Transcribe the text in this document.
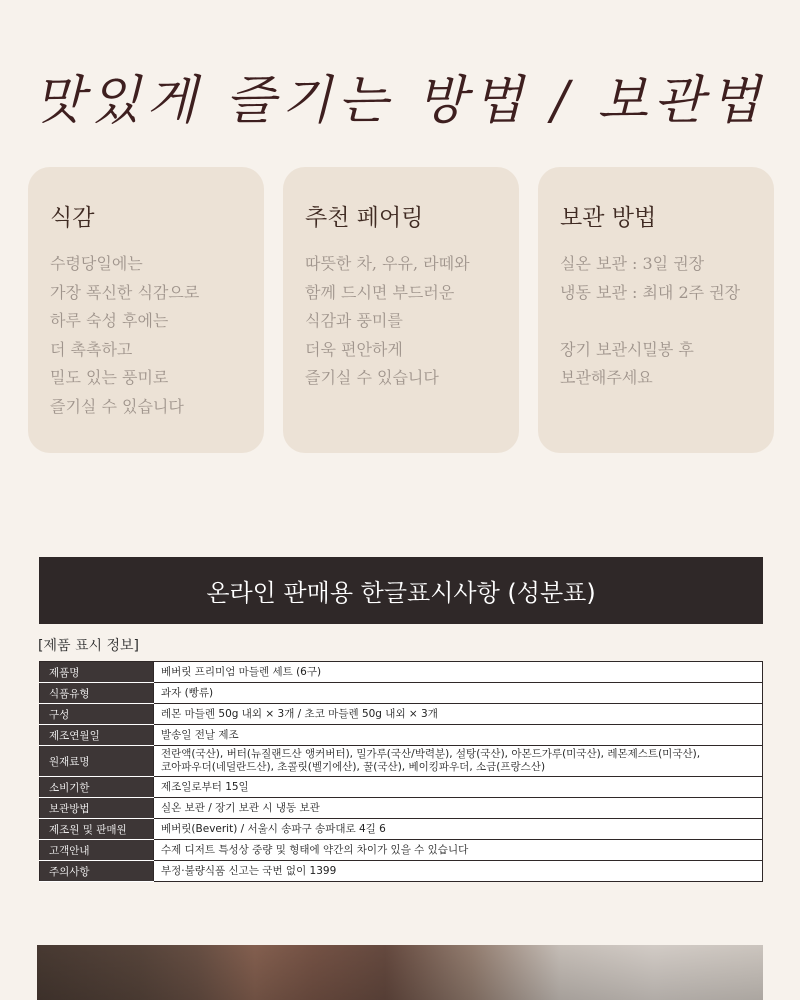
맛있게 즐기는 방법 / 보관법
식감
수령당일에는
가장 폭신한 식감으로
하루 숙성 후에는
더 촉촉하고
밀도 있는 풍미로
즐기실 수 있습니다
추천 페어링
따뜻한 차, 우유, 라떼와
함께 드시면 부드러운
식감과 풍미를
더욱 편안하게
즐기실 수 있습니다
보관 방법
실온 보관 : 3일 권장
냉동 보관 : 최대 2주 권장
장기 보관시밀봉 후
보관해주세요
온라인 판매용 한글표시사항 (성분표)
[제품 표시 정보]
제품명	베버릿 프리미엄 마들렌 세트 (6구)
식품유형	과자 (빵류)
구성	레몬 마들렌 50g 내외 × 3개 / 초코 마들렌 50g 내외 × 3개
제조연월일	발송일 전날 제조
원재료명	전란액(국산), 버터(뉴질랜드산 앵커버터), 밀가루(국산/박력분), 설탕(국산), 아몬드가루(미국산), 레몬제스트(미국산),
코아파우더(네덜란드산), 초콜릿(벨기에산), 꿀(국산), 베이킹파우더, 소금(프랑스산)

소비기한	제조일로부터 15일
보관방법	실온 보관 / 장기 보관 시 냉동 보관
제조원 및 판매원	베버릿(Beverit) / 서울시 송파구 송파대로 4길 6
고객안내	수제 디저트 특성상 중량 및 형태에 약간의 차이가 있을 수 있습니다
주의사항	부정·불량식품 신고는 국번 없이 1399
